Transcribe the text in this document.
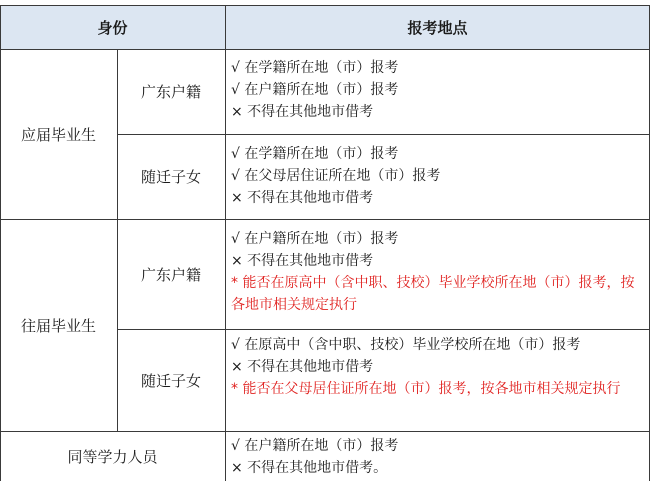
身份	报考地点
应届毕业生
往届毕业生
同等学力人员
广东户籍
随迁子女
广东户籍
随迁子女
√ 在学籍所在地（市）报考
√ 在户籍所在地（市）报考
× 不得在其他地市借考
√ 在学籍所在地（市）报考
√ 在父母居住证所在地（市）报考
× 不得在其他地市借考
√ 在户籍所在地（市）报考
× 不得在其他地市借考
* 能否在原高中（含中职、技校）毕业学校所在地（市）报考，按各地市相关规定执行
√ 在原高中（含中职、技校）毕业学校所在地（市）报考
× 不得在其他地市借考
* 能否在父母居住证所在地（市）报考，按各地市相关规定执行
√ 在户籍所在地（市）报考
× 不得在其他地市借考。
